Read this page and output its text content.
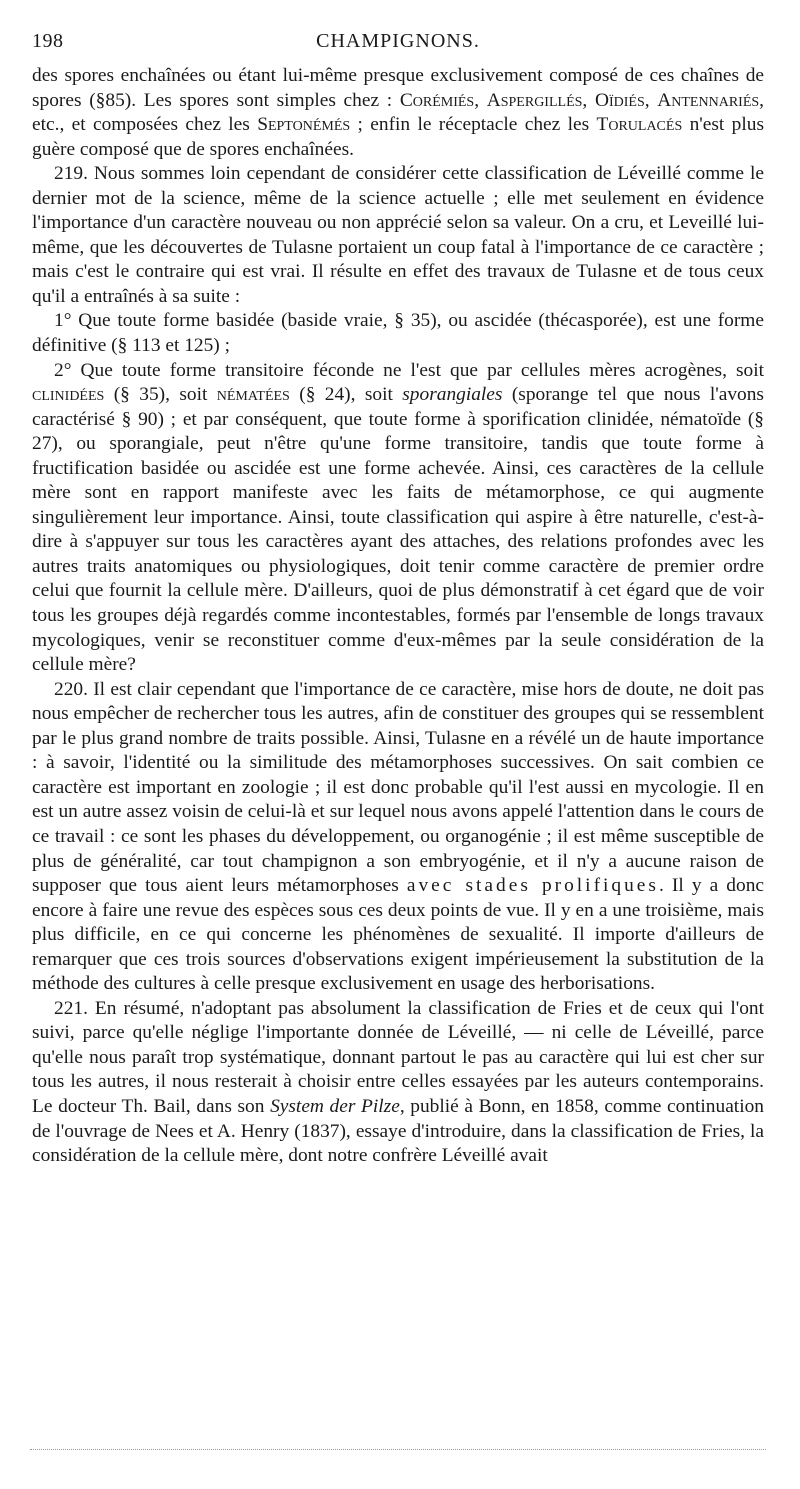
198	CHAMPIGNONS.

des spores enchaînées ou étant lui-même presque exclusivement composé de ces chaînes de spores (§85). Les spores sont simples chez : Corémiés, Aspergillés, Oïdiés, Antennariés, etc., et composées chez les Septonémés ; enfin le réceptacle chez les Torulacés n'est plus guère composé que de spores enchaînées.

219. Nous sommes loin cependant de considérer cette classification de Léveillé comme le dernier mot de la science, même de la science actuelle ; elle met seulement en évidence l'importance d'un caractère nouveau ou non apprécié selon sa valeur. On a cru, et Leveillé lui-même, que les découvertes de Tulasne portaient un coup fatal à l'importance de ce caractère ; mais c'est le contraire qui est vrai. Il résulte en effet des travaux de Tulasne et de tous ceux qu'il a entraînés à sa suite :

1° Que toute forme basidée (baside vraie, § 35), ou ascidée (thécasporée), est une forme définitive (§ 113 et 125) ;

2° Que toute forme transitoire féconde ne l'est que par cellules mères acrogènes, soit clinidées (§ 35), soit nématées (§ 24), soit sporangiales (sporange tel que nous l'avons caractérisé § 90) ; et par conséquent, que toute forme à sporification clinidée, nématoïde (§ 27), ou sporangiale, peut n'être qu'une forme transitoire, tandis que toute forme à fructification basidée ou ascidée est une forme achevée. Ainsi, ces caractères de la cellule mère sont en rapport manifeste avec les faits de métamorphose, ce qui augmente singulièrement leur importance. Ainsi, toute classification qui aspire à être naturelle, c'est-à-dire à s'appuyer sur tous les caractères ayant des attaches, des relations profondes avec les autres traits anatomiques ou physiologiques, doit tenir comme caractère de premier ordre celui que fournit la cellule mère. D'ailleurs, quoi de plus démonstratif à cet égard que de voir tous les groupes déjà regardés comme incontestables, formés par l'ensemble de longs travaux mycologiques, venir se reconstituer comme d'eux-mêmes par la seule considération de la cellule mère?

220. Il est clair cependant que l'importance de ce caractère, mise hors de doute, ne doit pas nous empêcher de rechercher tous les autres, afin de constituer des groupes qui se ressemblent par le plus grand nombre de traits possible. Ainsi, Tulasne en a révélé un de haute importance : à savoir, l'identité ou la similitude des métamorphoses successives. On sait combien ce caractère est important en zoologie ; il est donc probable qu'il l'est aussi en mycologie. Il en est un autre assez voisin de celui-là et sur lequel nous avons appelé l'attention dans le cours de ce travail : ce sont les phases du développement, ou organogénie ; il est même susceptible de plus de généralité, car tout champignon a son embryogénie, et il n'y a aucune raison de supposer que tous aient leurs métamorphoses avec stades prolifiques. Il y a donc encore à faire une revue des espèces sous ces deux points de vue. Il y en a une troisième, mais plus difficile, en ce qui concerne les phénomènes de sexualité. Il importe d'ailleurs de remarquer que ces trois sources d'observations exigent impérieusement la substitution de la méthode des cultures à celle presque exclusivement en usage des herborisations.

221. En résumé, n'adoptant pas absolument la classification de Fries et de ceux qui l'ont suivi, parce qu'elle néglige l'importante donnée de Léveillé, — ni celle de Léveillé, parce qu'elle nous paraît trop systématique, donnant partout le pas au caractère qui lui est cher sur tous les autres, il nous resterait à choisir entre celles essayées par les auteurs contemporains. Le docteur Th. Bail, dans son System der Pilze, publié à Bonn, en 1858, comme continuation de l'ouvrage de Nees et A. Henry (1837), essaye d'introduire, dans la classification de Fries, la considération de la cellule mère, dont notre confrère Léveillé avait
